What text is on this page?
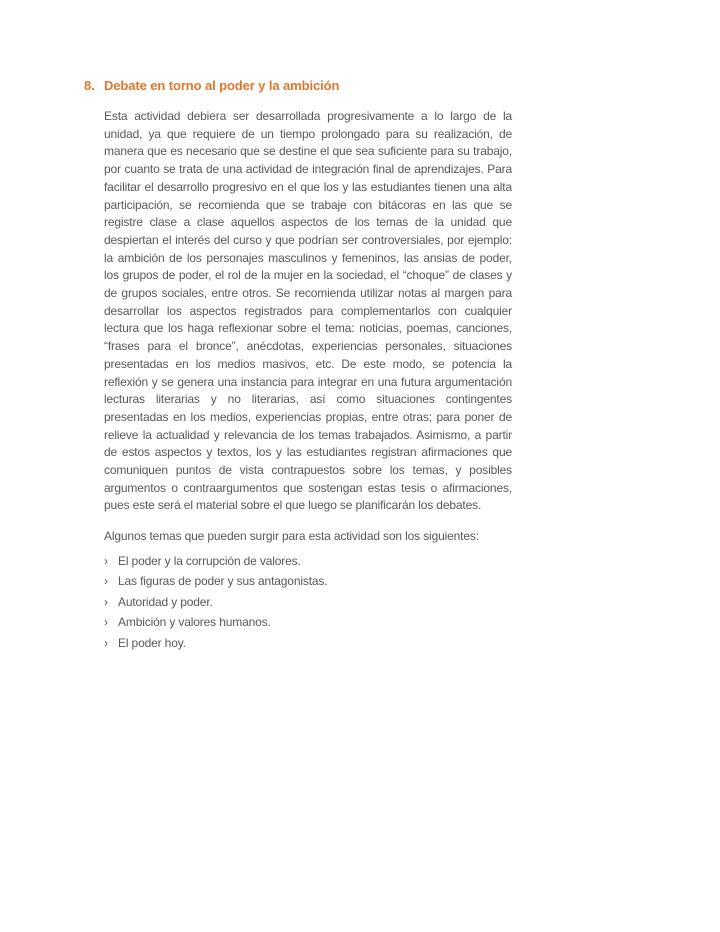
8. Debate en torno al poder y la ambición

Esta actividad debiera ser desarrollada progresivamente a lo largo de la unidad, ya que requiere de un tiempo prolongado para su realización, de manera que es necesario que se destine el que sea suficiente para su trabajo, por cuanto se trata de una actividad de integración final de aprendizajes. Para facilitar el desarrollo progresivo en el que los y las estudiantes tienen una alta participación, se recomienda que se trabaje con bitácoras en las que se registre clase a clase aquellos aspectos de los temas de la unidad que despiertan el interés del curso y que podrían ser controversiales, por ejemplo: la ambición de los personajes masculinos y femeninos, las ansias de poder, los grupos de poder, el rol de la mujer en la sociedad, el “choque” de clases y de grupos sociales, entre otros. Se recomienda utilizar notas al margen para desarrollar los aspectos registrados para complementarlos con cualquier lectura que los haga reflexionar sobre el tema: noticias, poemas, canciones, “frases para el bronce”, anécdotas, experiencias personales, situaciones presentadas en los medios masivos, etc. De este modo, se potencia la reflexión y se genera una instancia para integrar en una futura argumentación lecturas literarias y no literarias, así como situaciones contingentes presentadas en los medios, experiencias propias, entre otras; para poner de relieve la actualidad y relevancia de los temas trabajados. Asimismo, a partir de estos aspectos y textos, los y las estudiantes registran afirmaciones que comuniquen puntos de vista contrapuestos sobre los temas, y posibles argumentos o contraargumentos que sostengan estas tesis o afirmaciones, pues este será el material sobre el que luego se planificarán los debates.

Algunos temas que pueden surgir para esta actividad son los siguientes:

› El poder y la corrupción de valores.
› Las figuras de poder y sus antagonistas.
› Autoridad y poder.
› Ambición y valores humanos.
› El poder hoy.
